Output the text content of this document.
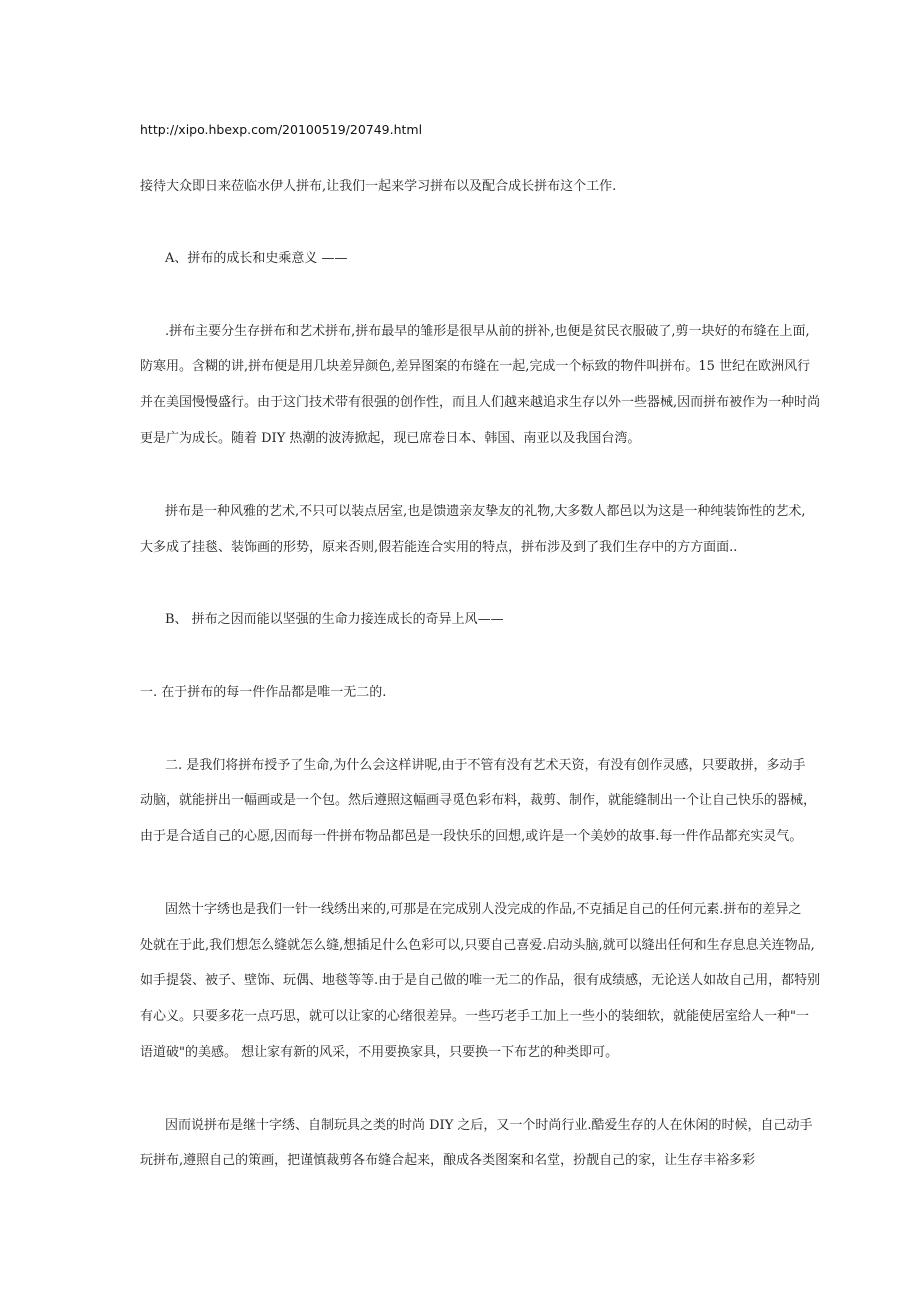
http://xipo.hbexp.com/20100519/20749.html

接待大众即日来莅临水伊人拼布,让我们一起来学习拼布以及配合成长拼布这个工作.

A、拼布的成长和史乘意义 ——

.拼布主要分生存拼布和艺术拼布,拼布最早的雏形是很早从前的拼补,也便是贫民衣服破了,剪一块好的布缝在上面,

防寒用。含糊的讲,拼布便是用几块差异颜色,差异图案的布缝在一起,完成一个标致的物件叫拼布。15 世纪在欧洲风行

并在美国慢慢盛行。由于这门技术带有很强的创作性，而且人们越来越追求生存以外一些器械,因而拼布被作为一种时尚

更是广为成长。随着 DIY 热潮的波涛掀起，现已席卷日本、韩国、南亚以及我国台湾。

拼布是一种风雅的艺术,不只可以装点居室,也是馈遗亲友挚友的礼物,大多数人都邑以为这是一种纯装饰性的艺术,

大多成了挂毯、装饰画的形势，原来否则,假若能连合实用的特点，拼布涉及到了我们生存中的方方面面..

B、 拼布之因而能以坚强的生命力接连成长的奇异上风——

一. 在于拼布的每一件作品都是唯一无二的.

二. 是我们将拼布授予了生命,为什么会这样讲呢,由于不管有没有艺术天资，有没有创作灵感，只要敢拼，多动手

动脑，就能拼出一幅画或是一个包。然后遵照这幅画寻觅色彩布料，裁剪、制作，就能缝制出一个让自己快乐的器械，

由于是合适自己的心愿,因而每一件拼布物品都邑是一段快乐的回想,或许是一个美妙的故事.每一件作品都充实灵气。

固然十字绣也是我们一针一线绣出来的,可那是在完成别人没完成的作品,不克插足自己的任何元素.拼布的差异之

处就在于此,我们想怎么缝就怎么缝,想插足什么色彩可以,只要自己喜爱.启动头脑,就可以缝出任何和生存息息关连物品,

如手提袋、被子、壁饰、玩偶、地毯等等.由于是自己做的唯一无二的作品，很有成绩感，无论送人如故自己用，都特别

有心义。只要多花一点巧思，就可以让家的心绪很差异。一些巧老手工加上一些小的装细软，就能使居室给人一种"一

语道破"的美感。 想让家有新的风采，不用要换家具，只要换一下布艺的种类即可。

因而说拼布是继十字绣、自制玩具之类的时尚 DIY 之后，又一个时尚行业.酷爱生存的人在休闲的时候，自己动手

玩拼布,遵照自己的策画，把谨慎裁剪各布缝合起来，酿成各类图案和名堂，扮靓自己的家，让生存丰裕多彩
